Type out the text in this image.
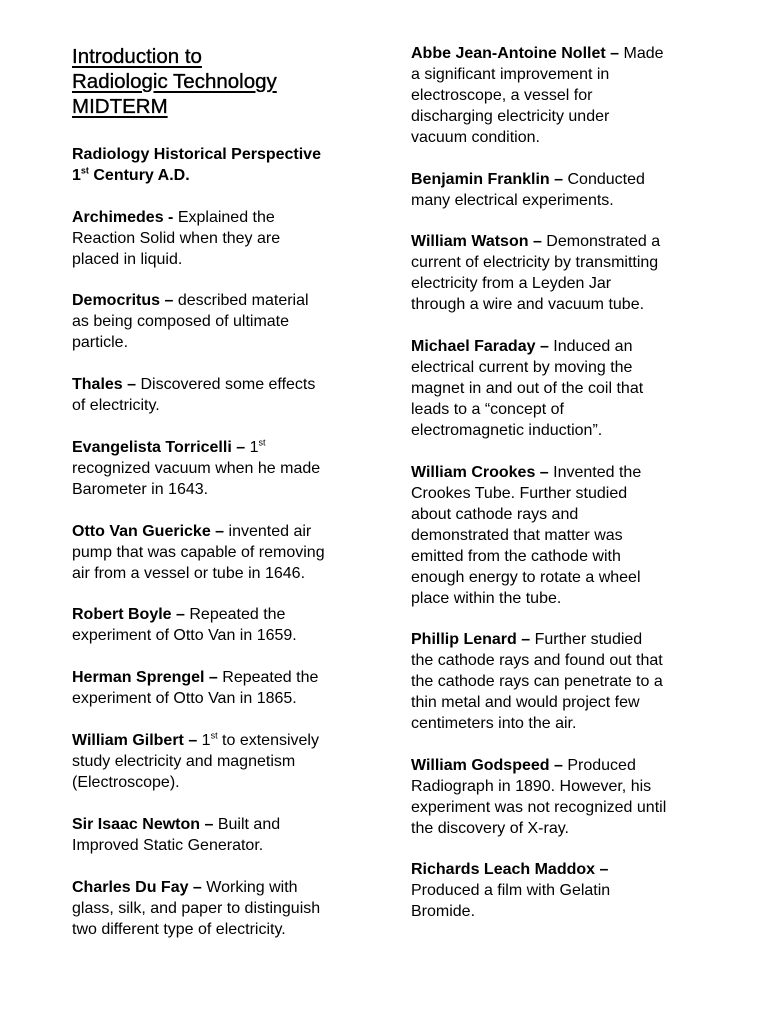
Introduction to
Radiologic Technology
MIDTERM
Radiology Historical Perspective
1st Century A.D.
Archimedes - Explained the
Reaction Solid when they are
placed in liquid.
Democritus – described material
as being composed of ultimate
particle.
Thales – Discovered some effects
of electricity.
Evangelista Torricelli – 1st
recognized vacuum when he made
Barometer in 1643.
Otto Van Guericke – invented air
pump that was capable of removing
air from a vessel or tube in 1646.
Robert Boyle – Repeated the
experiment of Otto Van in 1659.
Herman Sprengel – Repeated the
experiment of Otto Van in 1865.
William Gilbert – 1st to extensively
study electricity and magnetism
(Electroscope).
Sir Isaac Newton – Built and
Improved Static Generator.
Charles Du Fay – Working with
glass, silk, and paper to distinguish
two different type of electricity.
Abbe Jean-Antoine Nollet – Made
a significant improvement in
electroscope, a vessel for
discharging electricity under
vacuum condition.
Benjamin Franklin – Conducted
many electrical experiments.
William Watson – Demonstrated a
current of electricity by transmitting
electricity from a Leyden Jar
through a wire and vacuum tube.
Michael Faraday – Induced an
electrical current by moving the
magnet in and out of the coil that
leads to a “concept of
electromagnetic induction”.
William Crookes – Invented the
Crookes Tube. Further studied
about cathode rays and
demonstrated that matter was
emitted from the cathode with
enough energy to rotate a wheel
place within the tube.
Phillip Lenard – Further studied
the cathode rays and found out that
the cathode rays can penetrate to a
thin metal and would project few
centimeters into the air.
William Godspeed – Produced
Radiograph in 1890. However, his
experiment was not recognized until
the discovery of X-ray.
Richards Leach Maddox –
Produced a film with Gelatin
Bromide.
